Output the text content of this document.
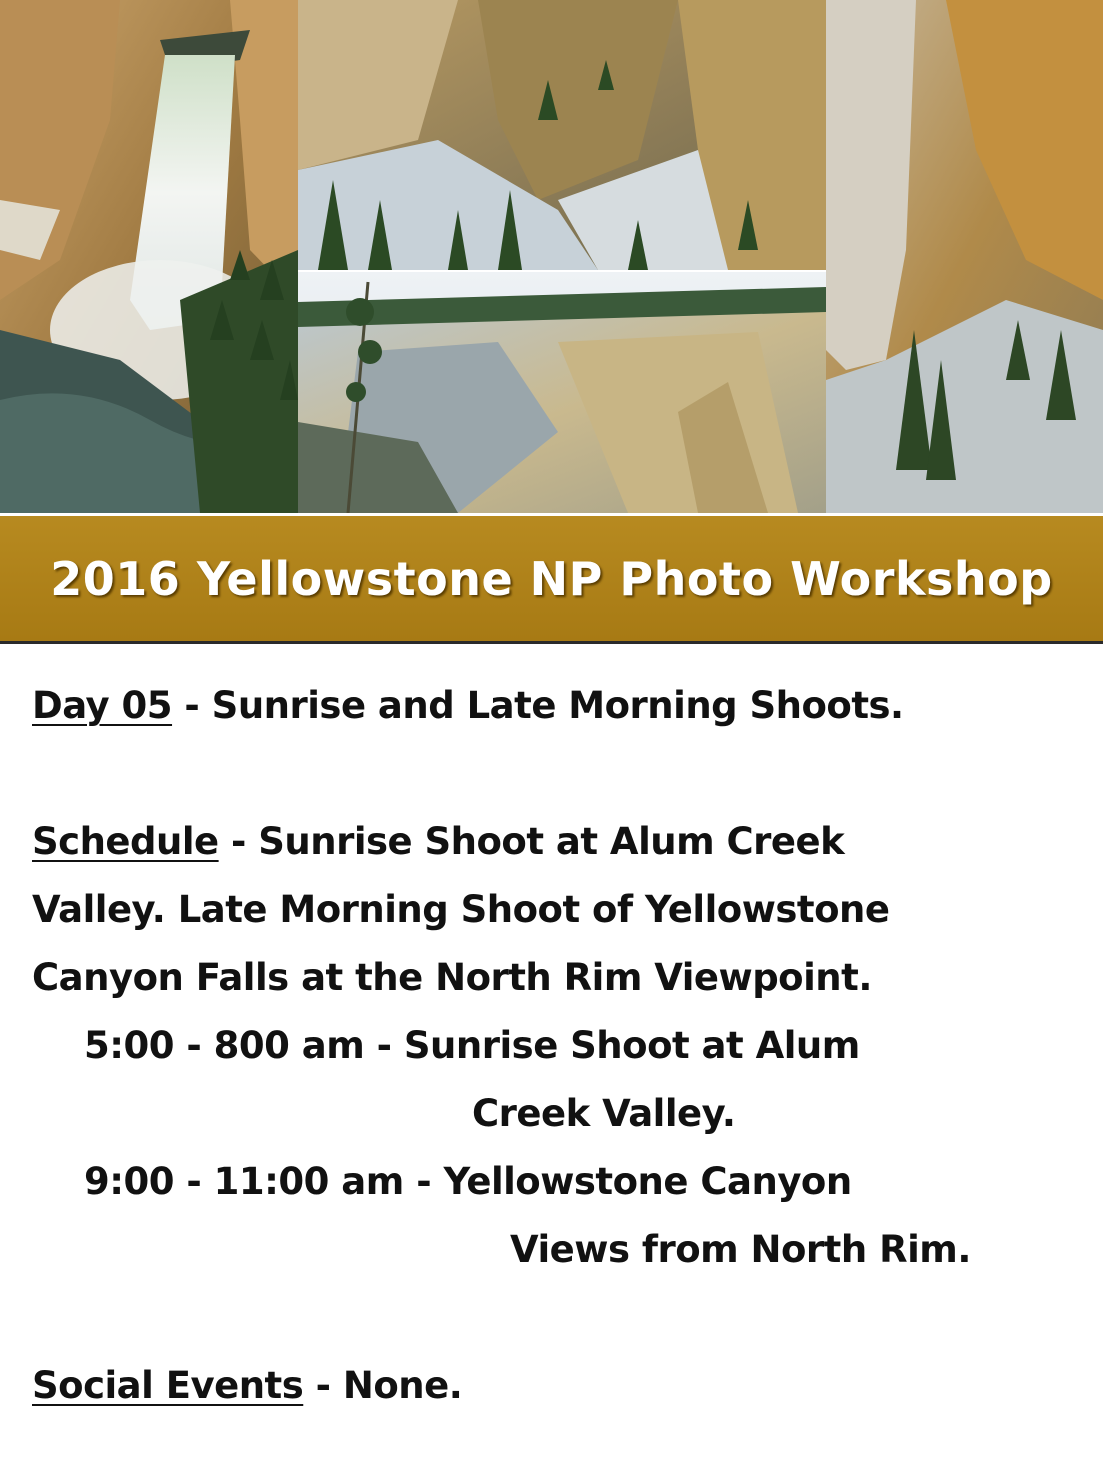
2016 Yellowstone NP Photo Workshop
Day 05 - Sunrise and Late Morning Shoots.
Schedule - Sunrise Shoot at Alum Creek
Valley. Late Morning Shoot of Yellowstone
Canyon Falls at the North Rim Viewpoint.
5:00 - 800 am - Sunrise Shoot at Alum
Creek Valley.
9:00 - 11:00 am - Yellowstone Canyon
Views from North Rim.
Social Events - None.
